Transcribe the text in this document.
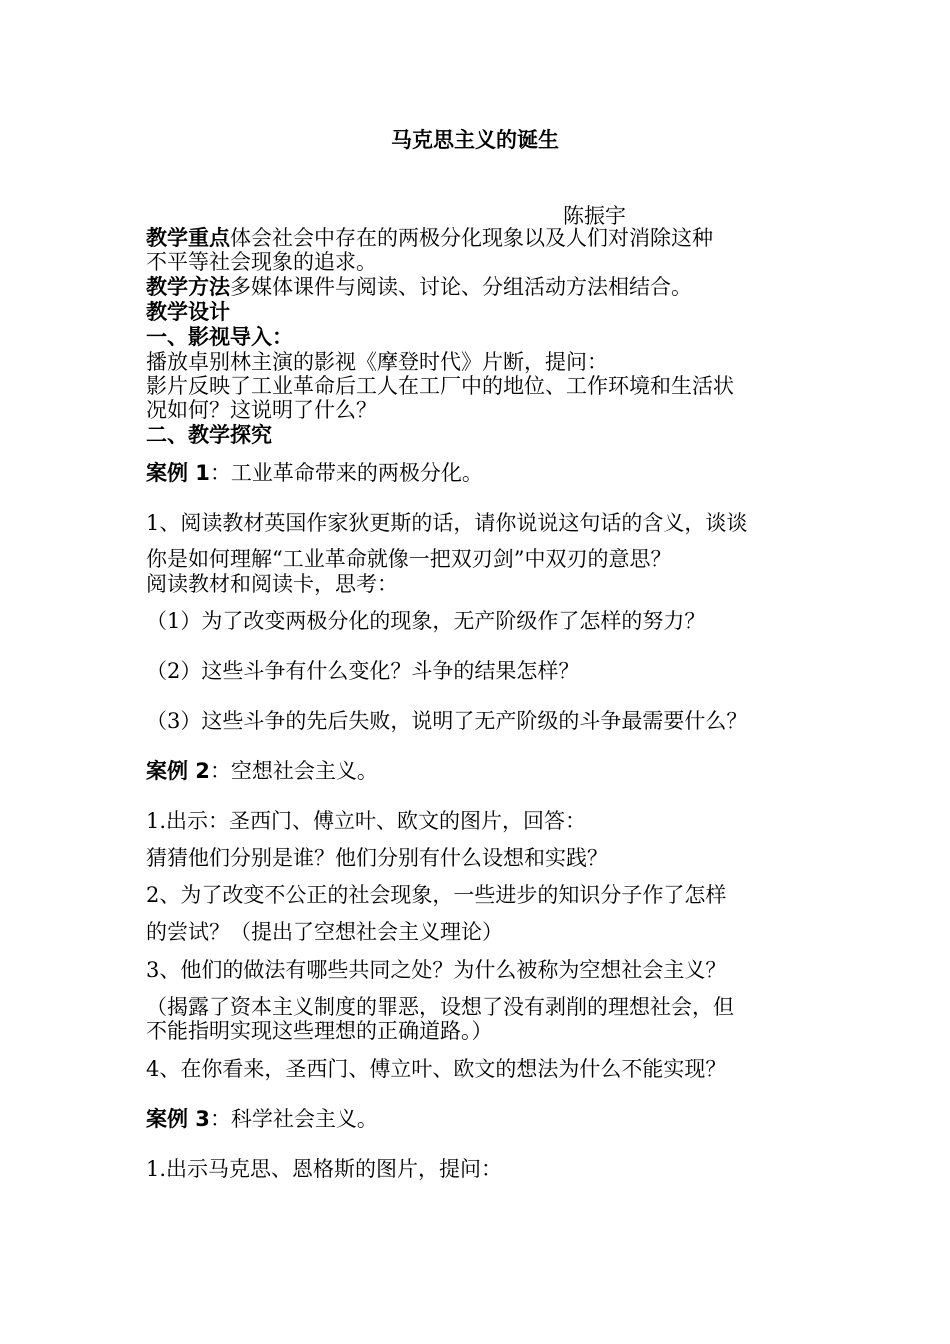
马克思主义的诞生
陈振宇
教学重点体会社会中存在的两极分化现象以及人们对消除这种
不平等社会现象的追求。
教学方法多媒体课件与阅读、讨论、分组活动方法相结合。
教学设计
一、影视导入：
播放卓别林主演的影视《摩登时代》片断，提问：
影片反映了工业革命后工人在工厂中的地位、工作环境和生活状
况如何？这说明了什么？
二、教学探究
案例 1：工业革命带来的两极分化。
1、阅读教材英国作家狄更斯的话，请你说说这句话的含义，谈谈
你是如何理解“工业革命就像一把双刃剑”中双刃的意思？
阅读教材和阅读卡，思考：
（1）为了改变两极分化的现象，无产阶级作了怎样的努力？
（2）这些斗争有什么变化？斗争的结果怎样？
（3）这些斗争的先后失败，说明了无产阶级的斗争最需要什么？
案例 2：空想社会主义。
1.出示：圣西门、傅立叶、欧文的图片，回答：
猜猜他们分别是谁？他们分别有什么设想和实践？
2、为了改变不公正的社会现象，一些进步的知识分子作了怎样
的尝试？（提出了空想社会主义理论）
3、他们的做法有哪些共同之处？为什么被称为空想社会主义？
（揭露了资本主义制度的罪恶，设想了没有剥削的理想社会，但
不能指明实现这些理想的正确道路。）
4、在你看来，圣西门、傅立叶、欧文的想法为什么不能实现？
案例 3：科学社会主义。
1.出示马克思、恩格斯的图片，提问：
